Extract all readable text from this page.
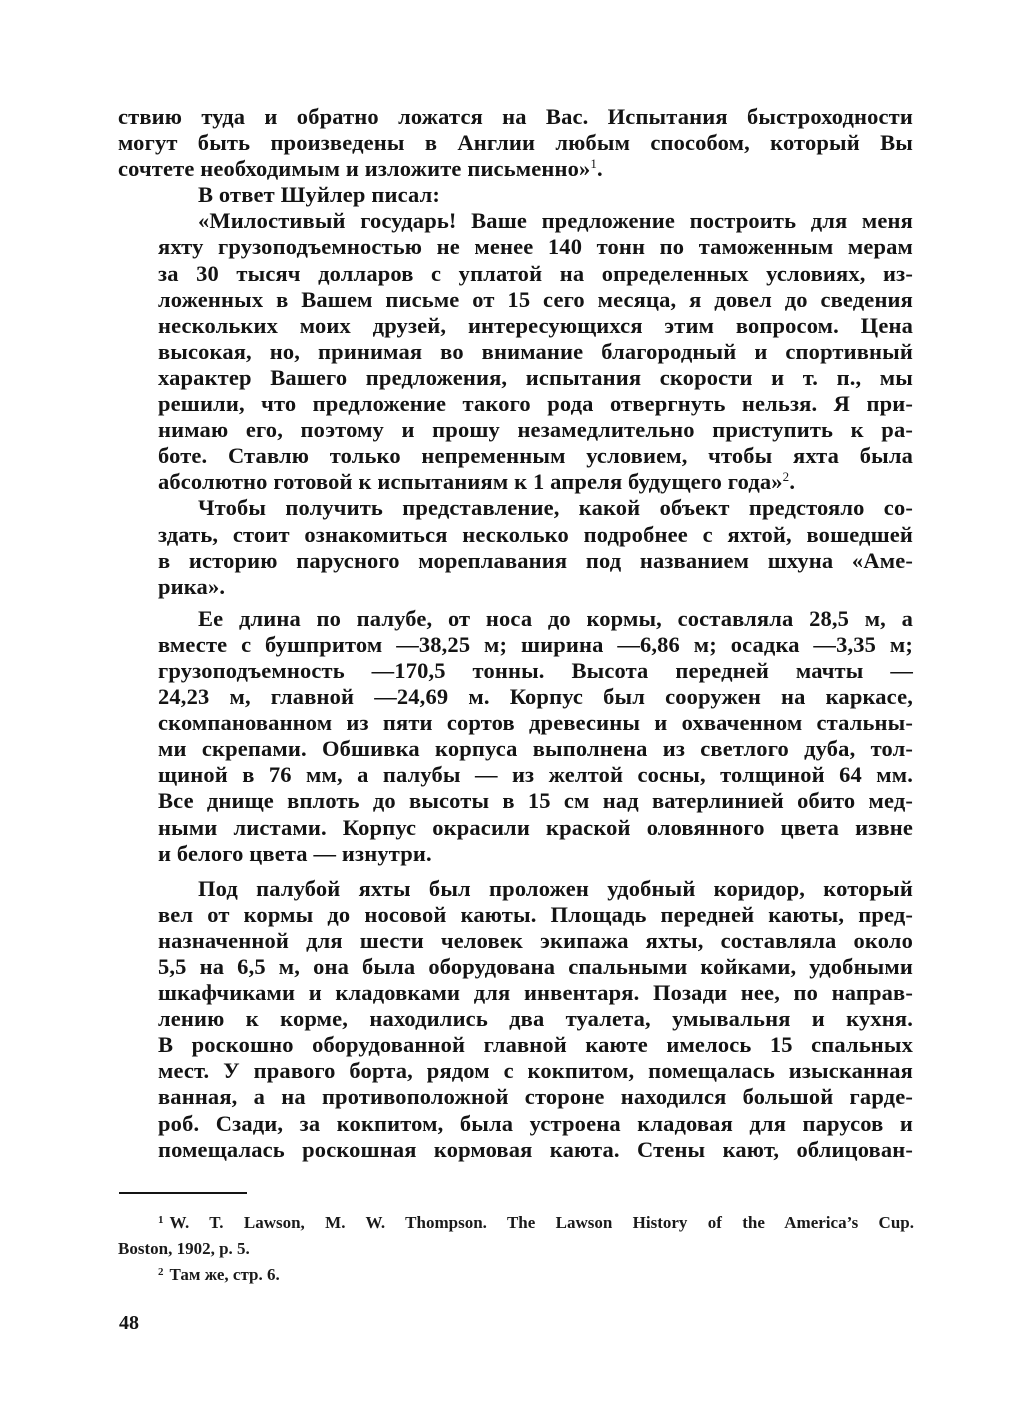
ствию туда и обратно ложатся на Вас. Испытания быстроходности
могут быть произведены в Англии любым способом, который Вы
сочтете необходимым и изложите письменно»$^1$.

В ответ Шуйлер писал:

«Милостивый государь! Ваше предложение построить для меня
яхту грузоподъемностью не менее 140 тонн по таможенным мерам
за 30 тысяч долларов с уплатой на определенных условиях, из-
ложенных в Вашем письме от 15 сего месяца, я довел до сведения
нескольких моих друзей, интересующихся этим вопросом. Цена
высокая, но, принимая во внимание благородный и спортивный
характер Вашего предложения, испытания скорости и т. п., мы
решили, что предложение такого рода отвергнуть нельзя. Я при-
нимаю его, поэтому и прошу незамедлительно приступить к ра-
боте. Ставлю только непременным условием, чтобы яхта была
абсолютно готовой к испытаниям к 1 апреля будущего года»$^2$.

Чтобы получить представление, какой объект предстояло со-
здать, стоит ознакомиться несколько подробнее с яхтой, вошедшей
в историю парусного мореплавания под названием шхуна «Аме-
рика».

Ее длина по палубе, от носа до кормы, составляла 28,5 м, а
вместе с бушпритом —38,25 м; ширина —6,86 м; осадка —3,35 м;
грузоподъемность —170,5 тонны. Высота передней мачты —
24,23 м, главной —24,69 м. Корпус был сооружен на каркасе,
скомпанованном из пяти сортов древесины и охваченном стальны-
ми скрепами. Обшивка корпуса выполнена из светлого дуба, тол-
щиной в 76 мм, а палубы — из желтой сосны, толщиной 64 мм.
Все днище вплоть до высоты в 15 см над ватерлинией обито мед-
ными листами. Корпус окрасили краской оловянного цвета извне
и белого цвета — изнутри.

Под палубой яхты был проложен удобный коридор, который
вел от кормы до носовой каюты. Площадь передней каюты, пред-
назначенной для шести человек экипажа яхты, составляла около
5,5 на 6,5 м, она была оборудована спальными койками, удобными
шкафчиками и кладовками для инвентаря. Позади нее, по направ-
лению к корме, находились два туалета, умывальня и кухня.
В роскошно оборудованной главной каюте имелось 15 спальных
мест. У правого борта, рядом с кокпитом, помещалась изысканная
ванная, а на противоположной стороне находился большой гарде-
роб. Сзади, за кокпитом, была устроена кладовая для парусов и
помещалась роскошная кормовая каюта. Стены кают, облицован-

$^1$ W. T. Lawson, M. W. Thompson. The Lawson History of the America’s Cup.
Boston, 1902, p. 5.
$^2$ Там же, стр. 6.
48
